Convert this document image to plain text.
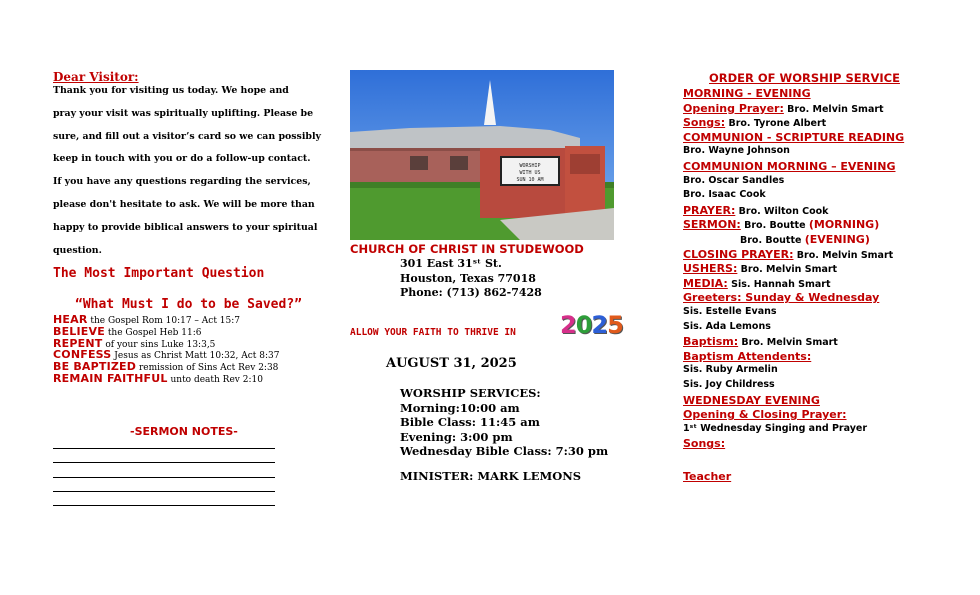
Dear Visitor:
Thank you for visiting us today. We hope and
pray your visit was spiritually uplifting. Please be
sure, and fill out a visitor’s card so we can possibly
keep in touch with you or do a follow-up contact.
If you have any questions regarding the services,
please don't hesitate to ask. We will be more than
happy to provide biblical answers to your spiritual
question.
The Most Important Question
“What Must I do to be Saved?”
HEAR the Gospel Rom 10:17 – Act 15:7
BELIEVE the Gospel Heb 11:6
REPENT of your sins Luke 13:3,5
CONFESS Jesus as Christ Matt 10:32, Act 8:37
BE BAPTIZED remission of Sins Act Rev 2:38
REMAIN FAITHFUL unto death Rev 2:10
-SERMON NOTES-
WORSHIP
WITH US
SUN 10 AM
CHURCH OF CHRIST IN STUDEWOOD
301 East 31ˢᵗ St.
Houston, Texas 77018
Phone: (713) 862-7428
ALLOW YOUR FAITH TO THRIVE IN 2025
AUGUST 31, 2025
WORSHIP SERVICES:
Morning:10:00 am
Bible Class: 11:45 am
Evening: 3:00 pm
Wednesday Bible Class: 7:30 pm
MINISTER: MARK LEMONS
ORDER OF WORSHIP SERVICE
MORNING - EVENING
Opening Prayer: Bro. Melvin Smart
Songs: Bro. Tyrone Albert
COMMUNION - SCRIPTURE READING
Bro. Wayne Johnson
COMMUNION MORNING – EVENING
Bro. Oscar Sandles
Bro. Isaac Cook
PRAYER: Bro. Wilton Cook
SERMON: Bro. Boutte (MORNING)
Bro. Boutte (EVENING)
CLOSING PRAYER: Bro. Melvin Smart
USHERS: Bro. Melvin Smart
MEDIA: Sis. Hannah Smart
Greeters: Sunday & Wednesday
Sis. Estelle Evans
Sis. Ada Lemons
Baptism: Bro. Melvin Smart
Baptism Attendents:
Sis. Ruby Armelin
Sis. Joy Childress
WEDNESDAY EVENING
Opening & Closing Prayer:
1ˢᵗ Wednesday Singing and Prayer
Songs:
Teacher
